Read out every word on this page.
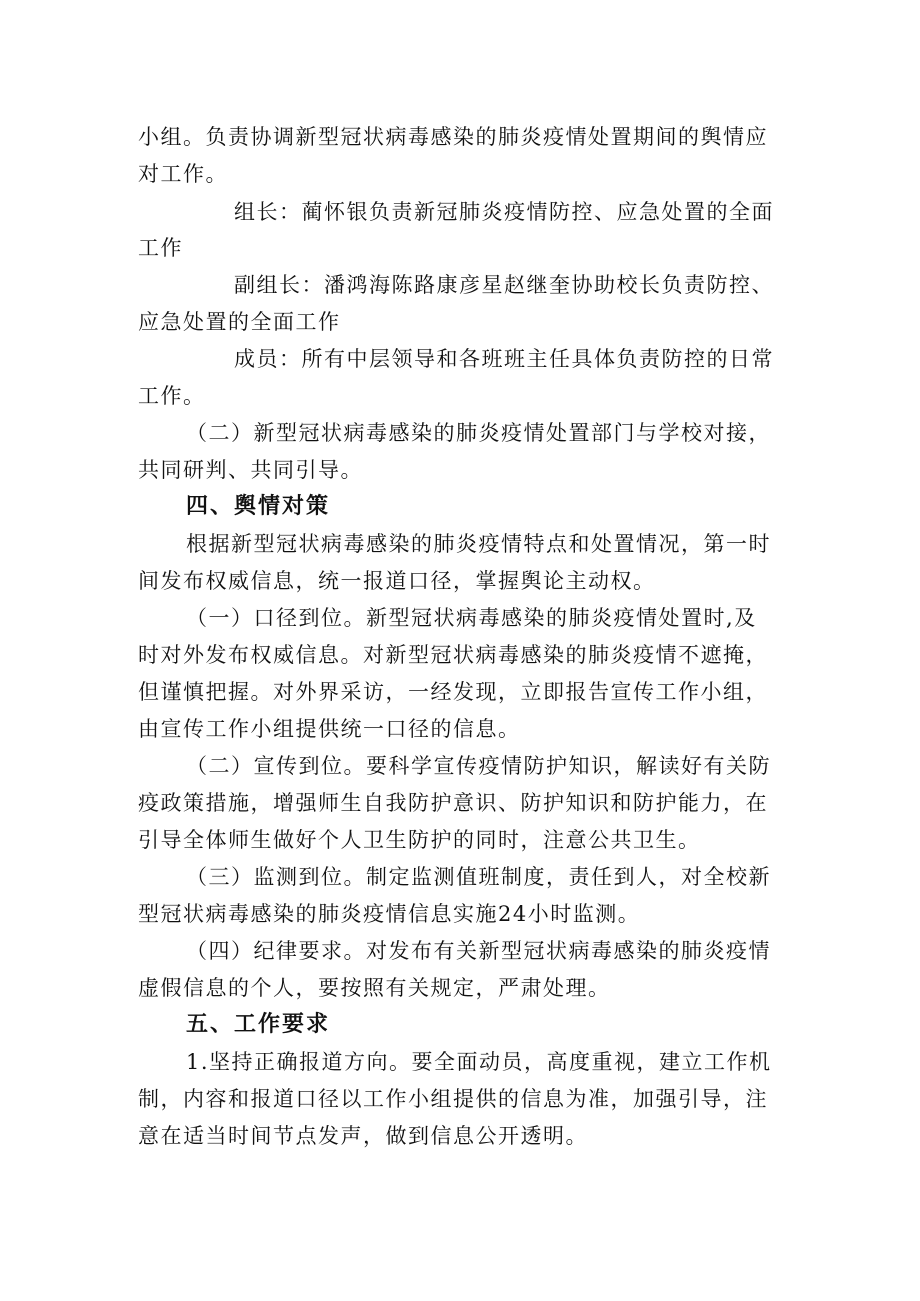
小组。负责协调新型冠状病毒感染的肺炎疫情处置期间的舆情应
对工作。
组长：蔺怀银负责新冠肺炎疫情防控、应急处置的全面
工作
副组长：潘鸿海陈路康彦星赵继奎协助校长负责防控、
应急处置的全面工作
成员：所有中层领导和各班班主任具体负责防控的日常
工作。
（二）新型冠状病毒感染的肺炎疫情处置部门与学校对接，
共同研判、共同引导。
四、舆情对策
根据新型冠状病毒感染的肺炎疫情特点和处置情况，第一时
间发布权威信息，统一报道口径，掌握舆论主动权。
（一）口径到位。新型冠状病毒感染的肺炎疫情处置时,及
时对外发布权威信息。对新型冠状病毒感染的肺炎疫情不遮掩，
但谨慎把握。对外界采访，一经发现，立即报告宣传工作小组，
由宣传工作小组提供统一口径的信息。
（二）宣传到位。要科学宣传疫情防护知识，解读好有关防
疫政策措施，增强师生自我防护意识、防护知识和防护能力，在
引导全体师生做好个人卫生防护的同时，注意公共卫生。
（三）监测到位。制定监测值班制度，责任到人，对全校新
型冠状病毒感染的肺炎疫情信息实施24小时监测。
（四）纪律要求。对发布有关新型冠状病毒感染的肺炎疫情
虚假信息的个人，要按照有关规定，严肃处理。
五、工作要求
1.坚持正确报道方向。要全面动员，高度重视，建立工作机
制，内容和报道口径以工作小组提供的信息为准，加强引导，注
意在适当时间节点发声，做到信息公开透明。
